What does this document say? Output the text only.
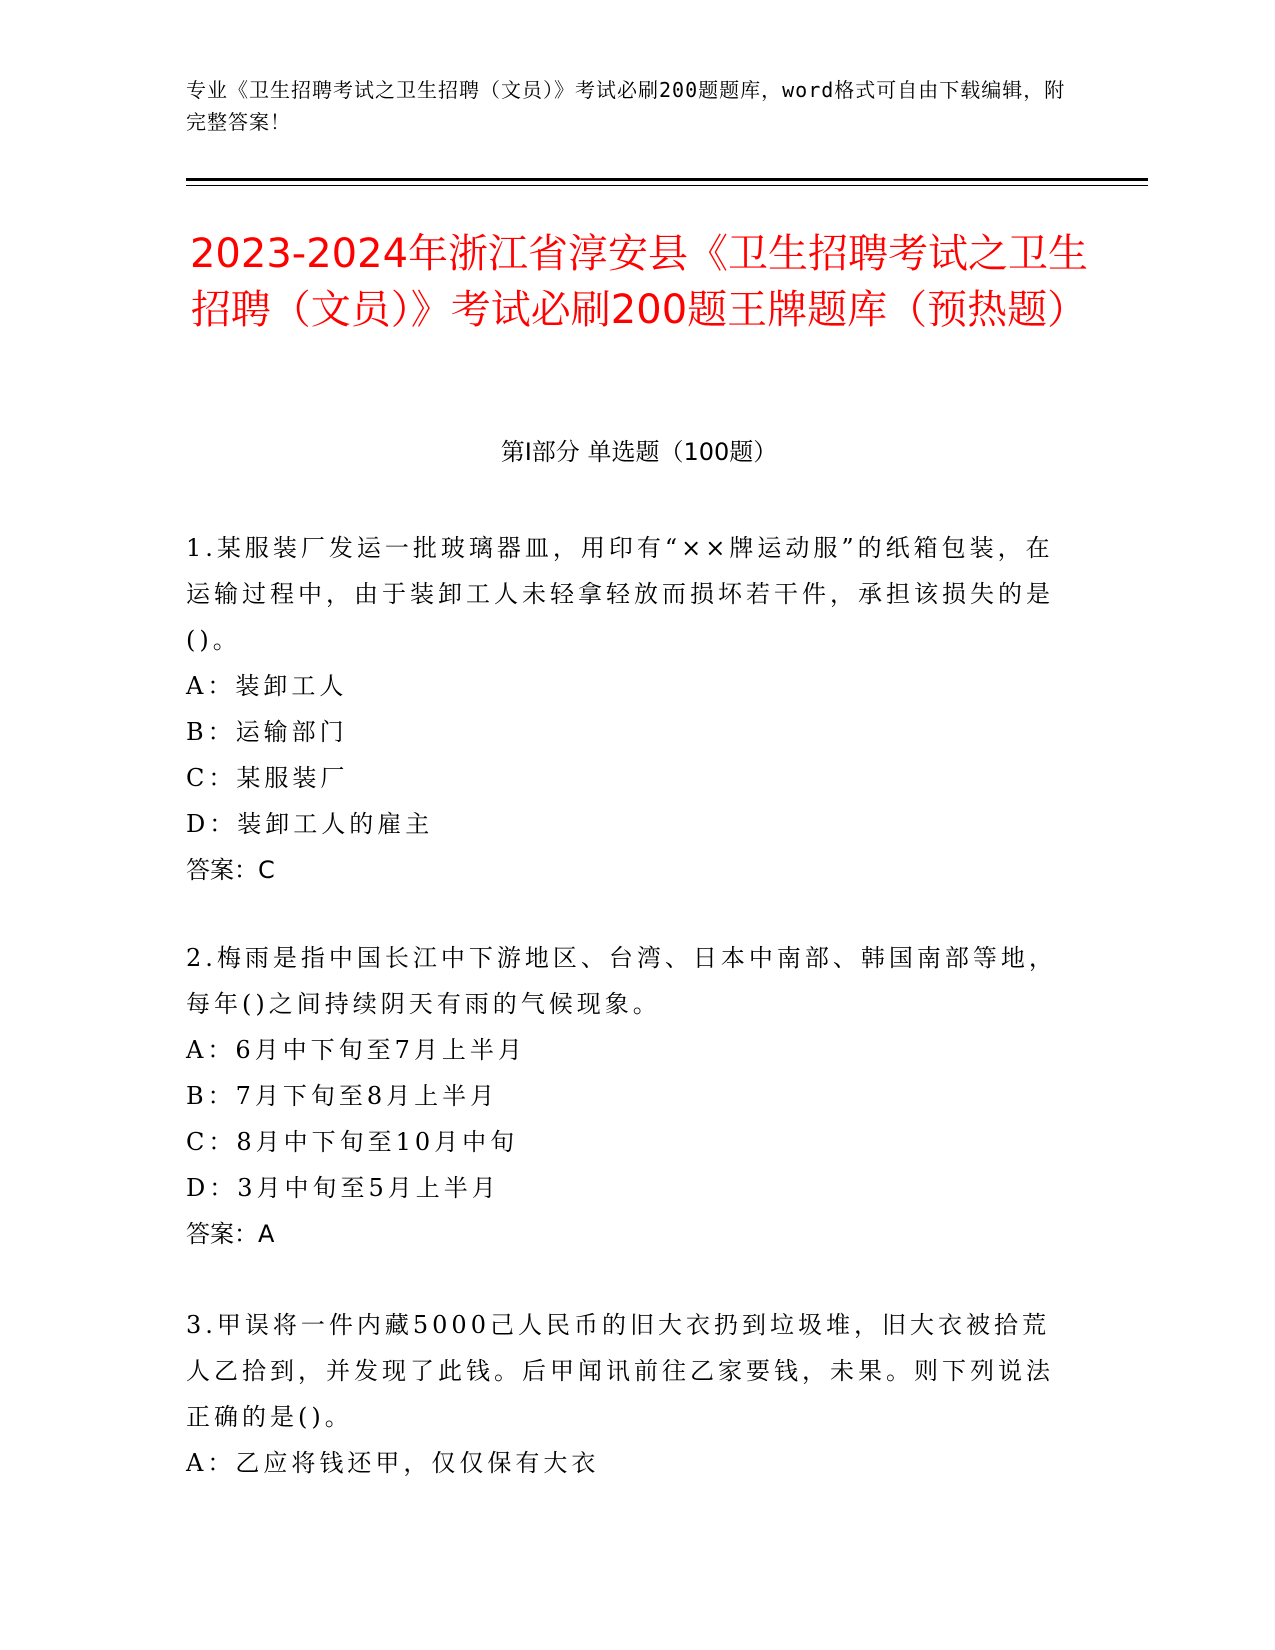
专业《卫生招聘考试之卫生招聘（文员）》考试必刷200题题库，word格式可自由下载编辑，附完整答案！
2023-2024年浙江省淳安县《卫生招聘考试之卫生招聘（文员）》考试必刷200题王牌题库（预热题）
第Ⅰ部分 单选题（100题）

1.某服装厂发运一批玻璃器皿，用印有“××牌运动服”的纸箱包装，在运输过程中，由于装卸工人未轻拿轻放而损坏若干件，承担该损失的是()。

A：装卸工人

B：运输部门

C：某服装厂

D：装卸工人的雇主

答案：C

2.梅雨是指中国长江中下游地区、台湾、日本中南部、韩国南部等地，每年()之间持续阴天有雨的气候现象。

A：6月中下旬至7月上半月

B：7月下旬至8月上半月

C：8月中下旬至10月中旬

D：3月中旬至5月上半月

答案：A

3.甲误将一件内藏5000己人民币的旧大衣扔到垃圾堆，旧大衣被拾荒人乙拾到，并发现了此钱。后甲闻讯前往乙家要钱，未果。则下列说法正确的是()。

A：乙应将钱还甲，仅仅保有大衣
